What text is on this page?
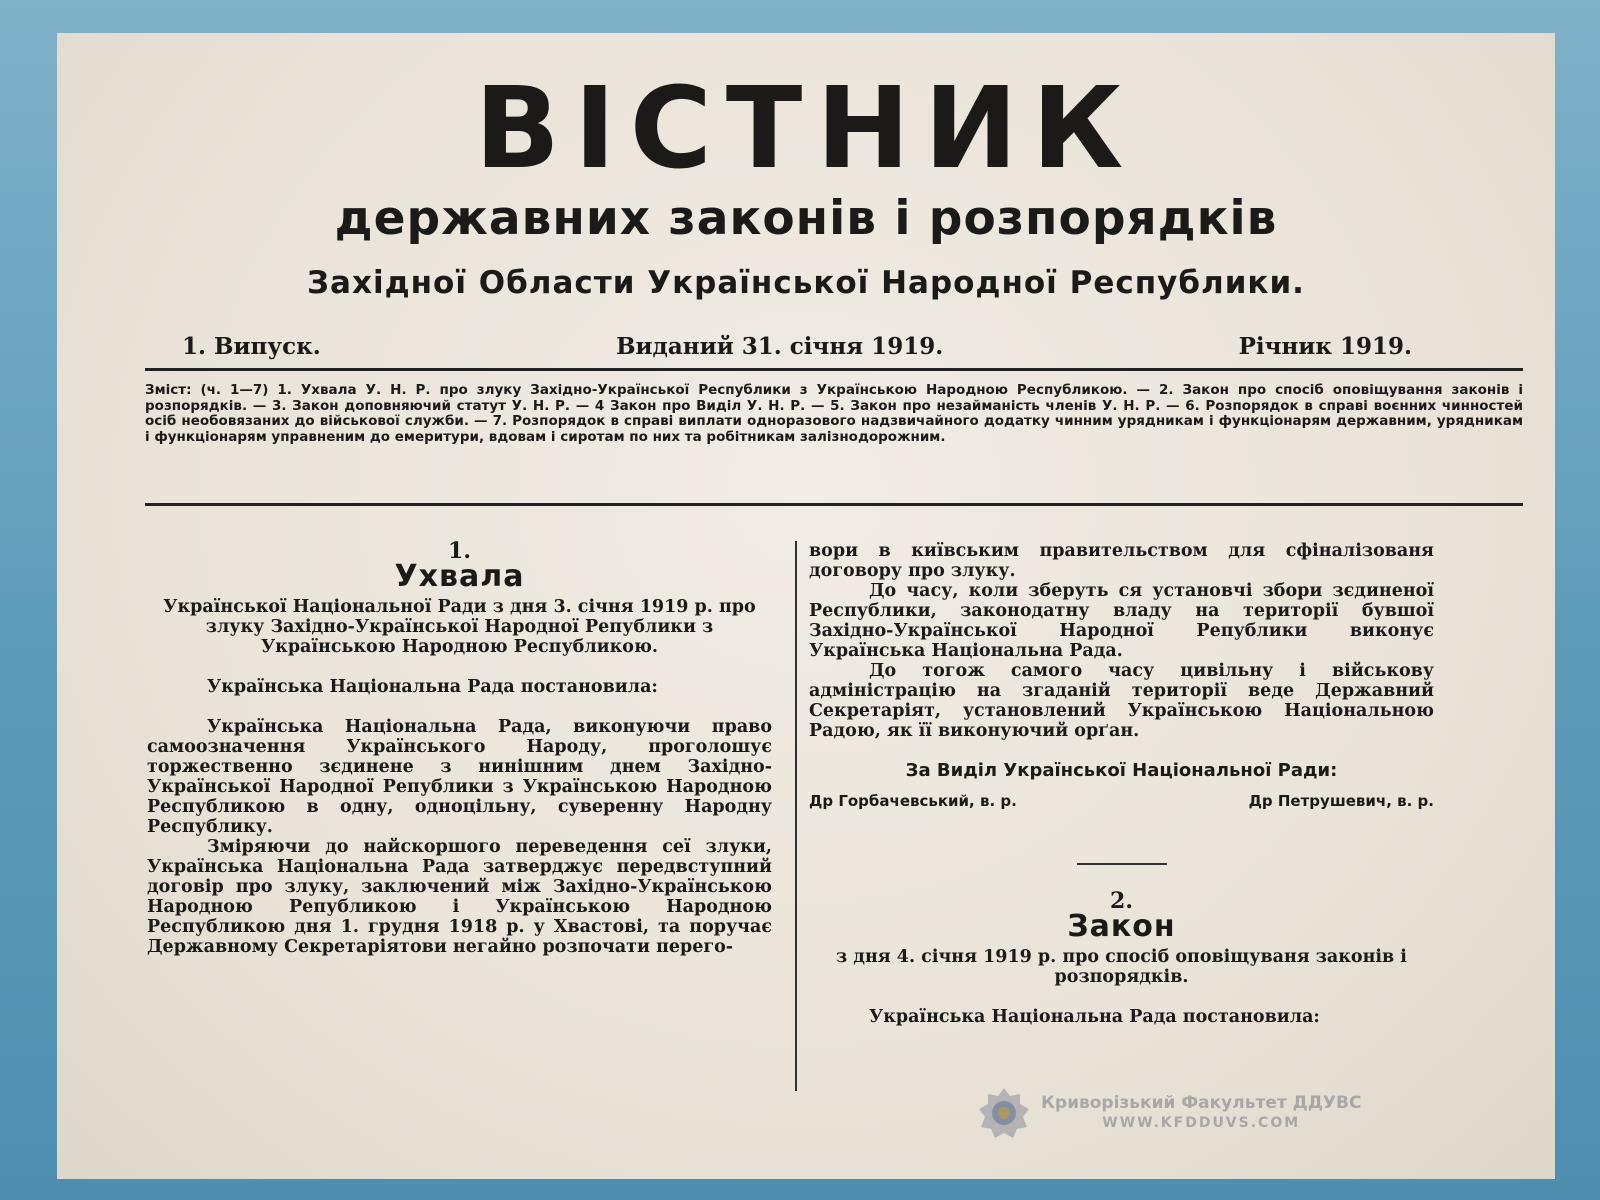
ВІСТНИК
державних законів і розпорядків
Західної Области Української Народної Республики.
1. Випуск.	Виданий 31. січня 1919.	Річник 1919.
Зміст: (ч. 1—7) 1. Ухвала У. Н. Р. про злуку Західно-Української Республики з Українською Народною Республикою. — 2. Закон про спосіб оповіщування законів і розпорядків. — 3. Закон доповняючий статут У. Н. Р. — 4 Закон про Виділ У. Н. Р. — 5. Закон про незайманість членів У. Н. Р. — 6. Розпорядок в справі воєнних чинностей осіб необовязаних до військової служби. — 7. Розпорядок в справі виплати одноразового надзвичайного додатку чинним урядникам і функціонарям державним, урядникам і функціонарям управненим до емеритури, вдовам і сиротам по них та робітникам залізнодорожним.

1.

Ухвала

Української Національної Ради з дня 3. січня 1919 р. про злуку Західно-Української Народної Републики з Українською Народною Республикою.

Українська Національна Рада постановила:

Українська Національна Рада, виконуючи право самоозначення Українського Народу, проголошує торжественно зєдинене з нинішним днем Західно-Української Народної Републики з Українською Народною Республикою в одну, одноцільну, суверенну Народну Республику.

Зміряючи до найскоршого переведення сеї злуки, Українська Національна Рада затверджує передвступний договір про злуку, заключений між Західно-Українською Народною Републикою і Українською Народною Республикою дня 1. грудня 1918 р. у Хвастові, та поручає Державному Секретаріятови негайно розпочати перего-

вори в київським правительством для сфіналізованя договору про злуку.

До часу, коли зберуть ся установчі збори зєдиненої Республики, законодатну владу на території бувшої Західно-Української Народної Републики виконує Українська Національна Рада.

До тогож самого часу цивільну і військову адміністрацію на згаданій території веде Державний Секретаріят, установлений Українською Національною Радою, як її виконуючий орґан.

За Виділ Української Національної Ради:

Др Горбачевський, в. р.	Др Петрушевич, в. р.

2.

Закон

з дня 4. січня 1919 р. про спосіб оповіщуваня законів і розпорядків.

Українська Національна Рада постановила:

Криворізький Факультет ДДУВС
WWW.KFDDUVS.COM
